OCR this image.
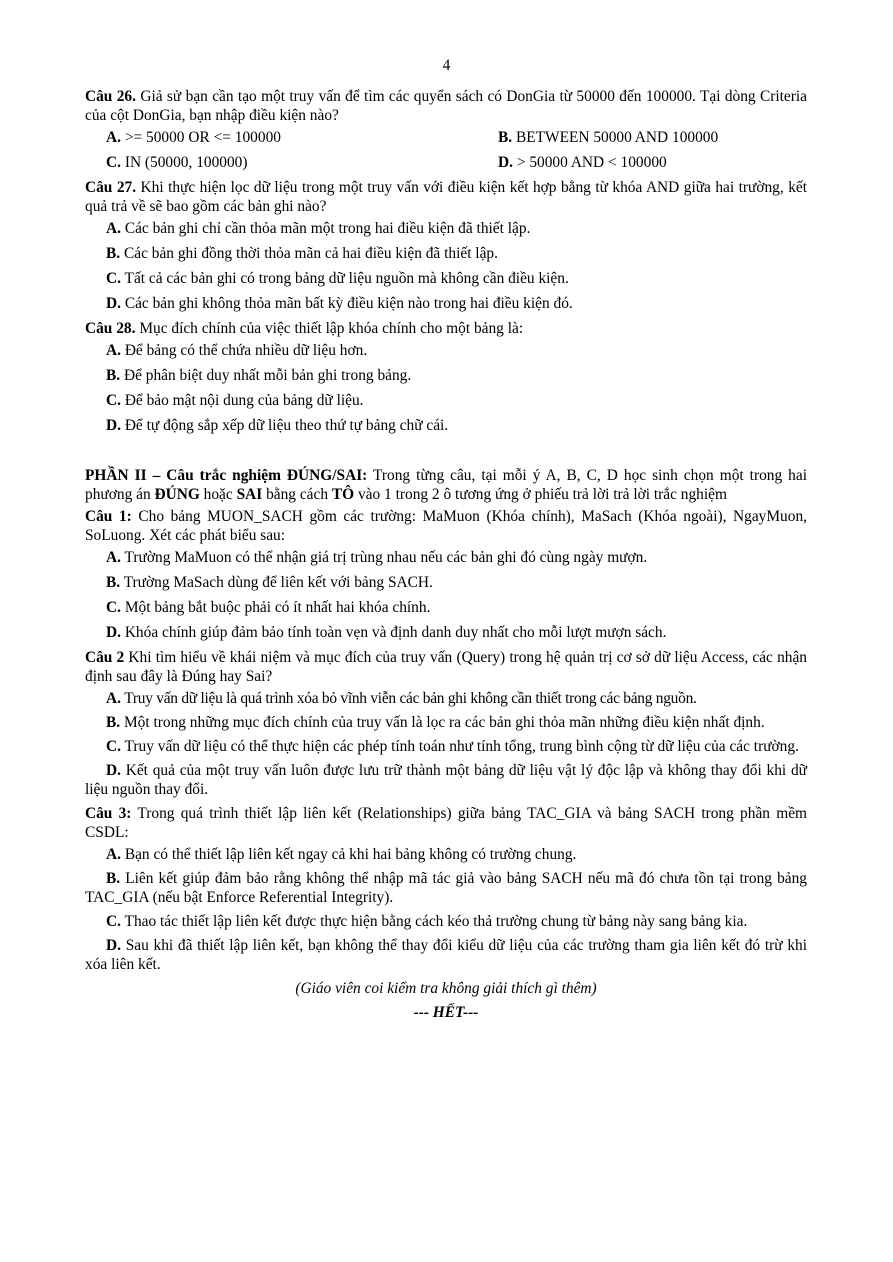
4

Câu 26. Giả sử bạn cần tạo một truy vấn để tìm các quyển sách có DonGia từ 50000 đến 100000. Tại dòng Criteria của cột DonGia, bạn nhập điều kiện nào?

A. >= 50000 OR <= 100000	B. BETWEEN 50000 AND 100000
C. IN (50000, 100000)	D. > 50000 AND < 100000

Câu 27. Khi thực hiện lọc dữ liệu trong một truy vấn với điều kiện kết hợp bằng từ khóa AND giữa hai trường, kết quả trả về sẽ bao gồm các bản ghi nào?

A. Các bản ghi chỉ cần thỏa mãn một trong hai điều kiện đã thiết lập.
B. Các bản ghi đồng thời thỏa mãn cả hai điều kiện đã thiết lập.
C. Tất cả các bản ghi có trong bảng dữ liệu nguồn mà không cần điều kiện.
D. Các bản ghi không thỏa mãn bất kỳ điều kiện nào trong hai điều kiện đó.

Câu 28. Mục đích chính của việc thiết lập khóa chính cho một bảng là:

A. Để bảng có thể chứa nhiều dữ liệu hơn.
B. Để phân biệt duy nhất mỗi bản ghi trong bảng.
C. Để bảo mật nội dung của bảng dữ liệu.
D. Để tự động sắp xếp dữ liệu theo thứ tự bảng chữ cái.

PHẦN II – Câu trắc nghiệm ĐÚNG/SAI: Trong từng câu, tại mỗi ý A, B, C, D học sinh chọn một trong hai phương án ĐÚNG hoặc SAI bằng cách TÔ vào 1 trong 2 ô tương ứng ở phiếu trả lời trả lời trắc nghiệm

Câu 1: Cho bảng MUON_SACH gồm các trường: MaMuon (Khóa chính), MaSach (Khóa ngoài), NgayMuon, SoLuong. Xét các phát biểu sau:

A. Trường MaMuon có thể nhận giá trị trùng nhau nếu các bản ghi đó cùng ngày mượn.
B. Trường MaSach dùng để liên kết với bảng SACH.
C. Một bảng bắt buộc phải có ít nhất hai khóa chính.
D. Khóa chính giúp đảm bảo tính toàn vẹn và định danh duy nhất cho mỗi lượt mượn sách.

Câu 2 Khi tìm hiểu về khái niệm và mục đích của truy vấn (Query) trong hệ quản trị cơ sở dữ liệu Access, các nhận định sau đây là Đúng hay Sai?

A. Truy vấn dữ liệu là quá trình xóa bỏ vĩnh viễn các bản ghi không cần thiết trong các bảng nguồn.

B. Một trong những mục đích chính của truy vấn là lọc ra các bản ghi thỏa mãn những điều kiện nhất định.

C. Truy vấn dữ liệu có thể thực hiện các phép tính toán như tính tổng, trung bình cộng từ dữ liệu của các trường.

D. Kết quả của một truy vấn luôn được lưu trữ thành một bảng dữ liệu vật lý độc lập và không thay đổi khi dữ liệu nguồn thay đổi.

Câu 3: Trong quá trình thiết lập liên kết (Relationships) giữa bảng TAC_GIA và bảng SACH trong phần mềm CSDL:

A. Bạn có thể thiết lập liên kết ngay cả khi hai bảng không có trường chung.

B. Liên kết giúp đảm bảo rằng không thể nhập mã tác giả vào bảng SACH nếu mã đó chưa tồn tại trong bảng TAC_GIA (nếu bật Enforce Referential Integrity).

C. Thao tác thiết lập liên kết được thực hiện bằng cách kéo thả trường chung từ bảng này sang bảng kia.

D. Sau khi đã thiết lập liên kết, bạn không thể thay đổi kiểu dữ liệu của các trường tham gia liên kết đó trừ khi xóa liên kết.

(Giáo viên coi kiểm tra không giải thích gì thêm)
--- HẾT---
